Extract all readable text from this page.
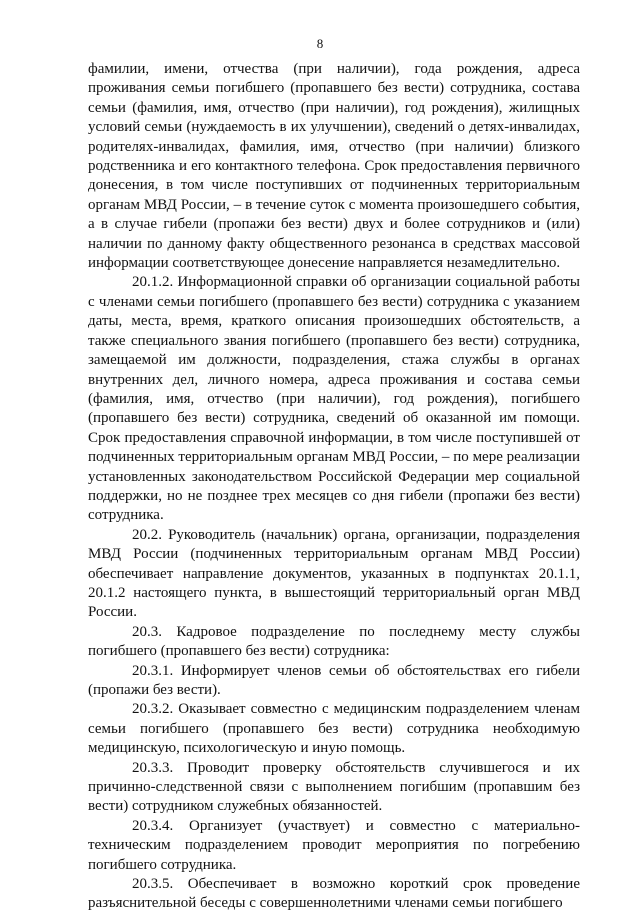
8

фамилии, имени, отчества (при наличии), года рождения, адреса проживания семьи погибшего (пропавшего без вести) сотрудника, состава семьи (фамилия, имя, отчество (при наличии), год рождения), жилищных условий семьи (нуждаемость в их улучшении), сведений о детях-инвалидах, родителях-инвалидах, фамилия, имя, отчество (при наличии) близкого родственника и его контактного телефона. Срок предоставления первичного донесения, в том числе поступивших от подчиненных территориальным органам МВД России, – в течение суток с момента произошедшего события, а в случае гибели (пропажи без вести) двух и более сотрудников и (или) наличии по данному факту общественного резонанса в средствах массовой информации соответствующее донесение направляется незамедлительно.

20.1.2. Информационной справки об организации социальной работы с членами семьи погибшего (пропавшего без вести) сотрудника с указанием даты, места, время, краткого описания произошедших обстоятельств, а также специального звания погибшего (пропавшего без вести) сотрудника, замещаемой им должности, подразделения, стажа службы в органах внутренних дел, личного номера, адреса проживания и состава семьи (фамилия, имя, отчество (при наличии), год рождения), погибшего (пропавшего без вести) сотрудника, сведений об оказанной им помощи. Срок предоставления справочной информации, в том числе поступившей от подчиненных территориальным органам МВД России, – по мере реализации установленных законодательством Российской Федерации мер социальной поддержки, но не позднее трех месяцев со дня гибели (пропажи без вести) сотрудника.

20.2. Руководитель (начальник) органа, организации, подразделения МВД России (подчиненных территориальным органам МВД России) обеспечивает направление документов, указанных в подпунктах 20.1.1, 20.1.2 настоящего пункта, в вышестоящий территориальный орган МВД России.

20.3. Кадровое подразделение по последнему месту службы погибшего (пропавшего без вести) сотрудника:

20.3.1. Информирует членов семьи об обстоятельствах его гибели (пропажи без вести).

20.3.2. Оказывает совместно с медицинским подразделением членам семьи погибшего (пропавшего без вести) сотрудника необходимую медицинскую, психологическую и иную помощь.

20.3.3. Проводит проверку обстоятельств случившегося и их причинно-следственной связи с выполнением погибшим (пропавшим без вести) сотрудником служебных обязанностей.

20.3.4. Организует (участвует) и совместно с материально-техническим подразделением проводит мероприятия по погребению погибшего сотрудника.

20.3.5. Обеспечивает в возможно короткий срок проведение разъяснительной беседы с совершеннолетними членами семьи погибшего
